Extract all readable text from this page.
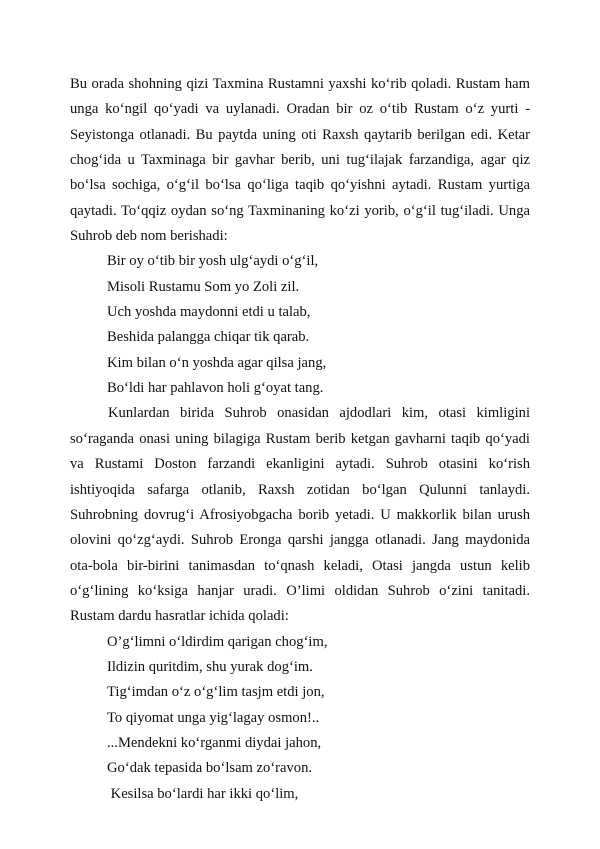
Bu orada shohning qizi Taxmina Rustamni yaxshi ko‘rib qoladi. Rustam ham unga ko‘ngil qo‘yadi va uylanadi. Oradan bir oz o‘tib Rustam o‘z yurti - Seyistonga otlanadi. Bu paytda uning oti Raxsh qaytarib berilgan edi. Ketar chog‘ida u Taxminaga bir gavhar berib, uni tug‘ilajak farzandiga, agar qiz bo‘lsa sochiga, o‘g‘il bo‘lsa qo‘liga taqib qo‘yishni aytadi. Rustam yurtiga qaytadi. To‘qqiz oydan so‘ng Taxminaning ko‘zi yorib, o‘g‘il tug‘iladi. Unga Suhrob deb nom berishadi:

Bir oy o‘tib bir yosh ulg‘aydi o‘g‘il,
Misoli Rustamu Som yo Zoli zil.
Uch yoshda maydonni etdi u talab,
Beshida palangga chiqar tik qarab.
Kim bilan o‘n yoshda agar qilsa jang,
Bo‘ldi har pahlavon holi g‘oyat tang.

Kunlardan birida Suhrob onasidan ajdodlari kim, otasi kimligini so‘raganda onasi uning bilagiga Rustam berib ketgan gavharni taqib qo‘yadi va Rustami Doston farzandi ekanligini aytadi. Suhrob otasini ko‘rish ishtiyoqida safarga otlanib, Raxsh zotidan bo‘lgan Qulunni tanlaydi. Suhrobning dovrug‘i Afrosiyobgacha borib yetadi. U makkorlik bilan urush olovini qo‘zg‘aydi. Suhrob Eronga qarshi jangga otlanadi. Jang maydonida ota-bola bir-birini tanimasdan to‘qnash keladi, Otasi jangda ustun kelib o‘g‘lining ko‘ksiga hanjar uradi. O’limi oldidan Suhrob o‘zini tanitadi. Rustam dardu hasratlar ichida qoladi:

O’g‘limni o‘ldirdim qarigan chog‘im,
Ildizin quritdim, shu yurak dog‘im.
Tig‘imdan o‘z o‘g‘lim tasjm etdi jon,
To qiyomat unga yig‘lagay osmon!..
...Mendekni ko‘rganmi diydai jahon,
Go‘dak tepasida bo‘lsam zo‘ravon.
Kesilsa bo‘lardi har ikki qo‘lim,
